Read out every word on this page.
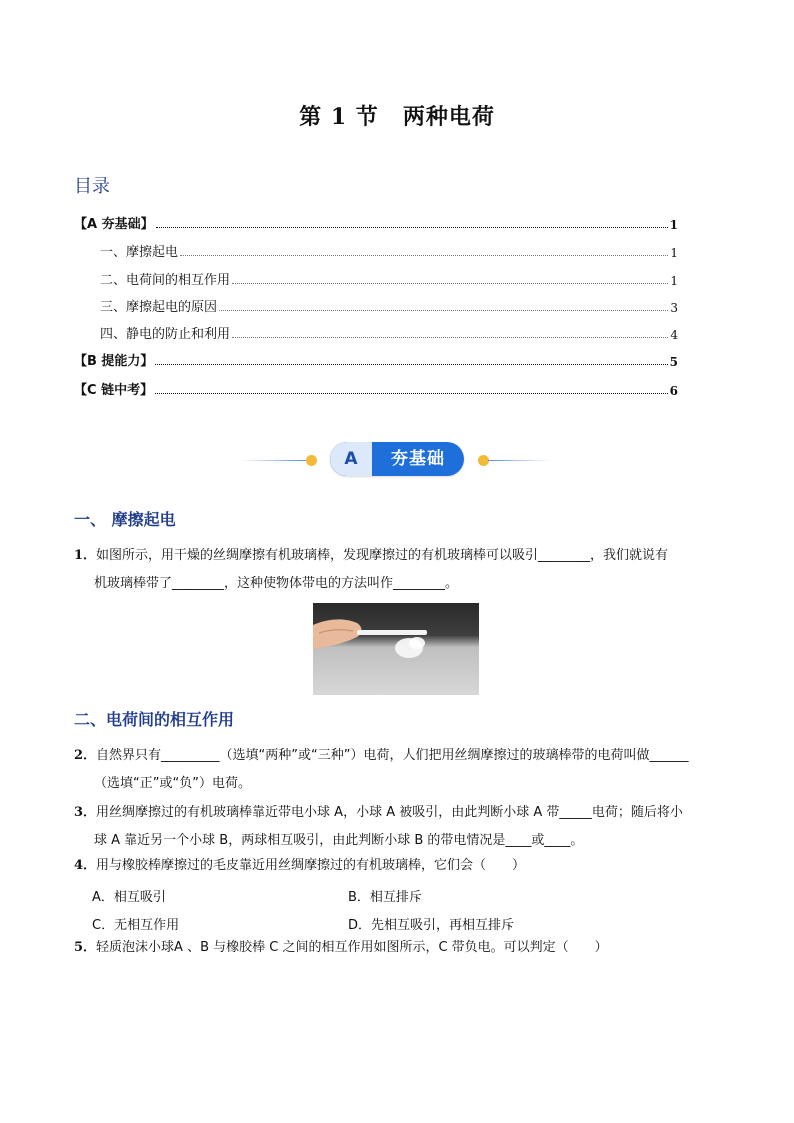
第 1 节 两种电荷
目录
【A 夯基础】	1
一、摩擦起电	1
二、电荷间的相互作用	1
三、摩擦起电的原因	3
四、静电的防止和利用	4
【B 提能力】	5
【C 链中考】	6
A	夯基础
一、 摩擦起电
1．如图所示，用干燥的丝绸摩擦有机玻璃棒，发现摩擦过的有机玻璃棒可以吸引________，我们就说有
机玻璃棒带了________，这种使物体带电的方法叫作________。
二、电荷间的相互作用
2．自然界只有_________（选填“两种”或“三种”）电荷，人们把用丝绸摩擦过的玻璃棒带的电荷叫做______
（选填“正”或“负”）电荷。
3．用丝绸摩擦过的有机玻璃棒靠近带电小球 A，小球 A 被吸引，由此判断小球 A 带_____电荷；随后将小
球 A 靠近另一个小球 B，两球相互吸引，由此判断小球 B 的带电情况是____或____。
4．用与橡胶棒摩擦过的毛皮靠近用丝绸摩擦过的有机玻璃棒，它们会（　　）
A．相互吸引	B．相互排斥
C．无相互作用	D．先相互吸引，再相互排斥
5．轻质泡沫小球A 、B 与橡胶棒 C 之间的相互作用如图所示，C 带负电。可以判定（　　）
